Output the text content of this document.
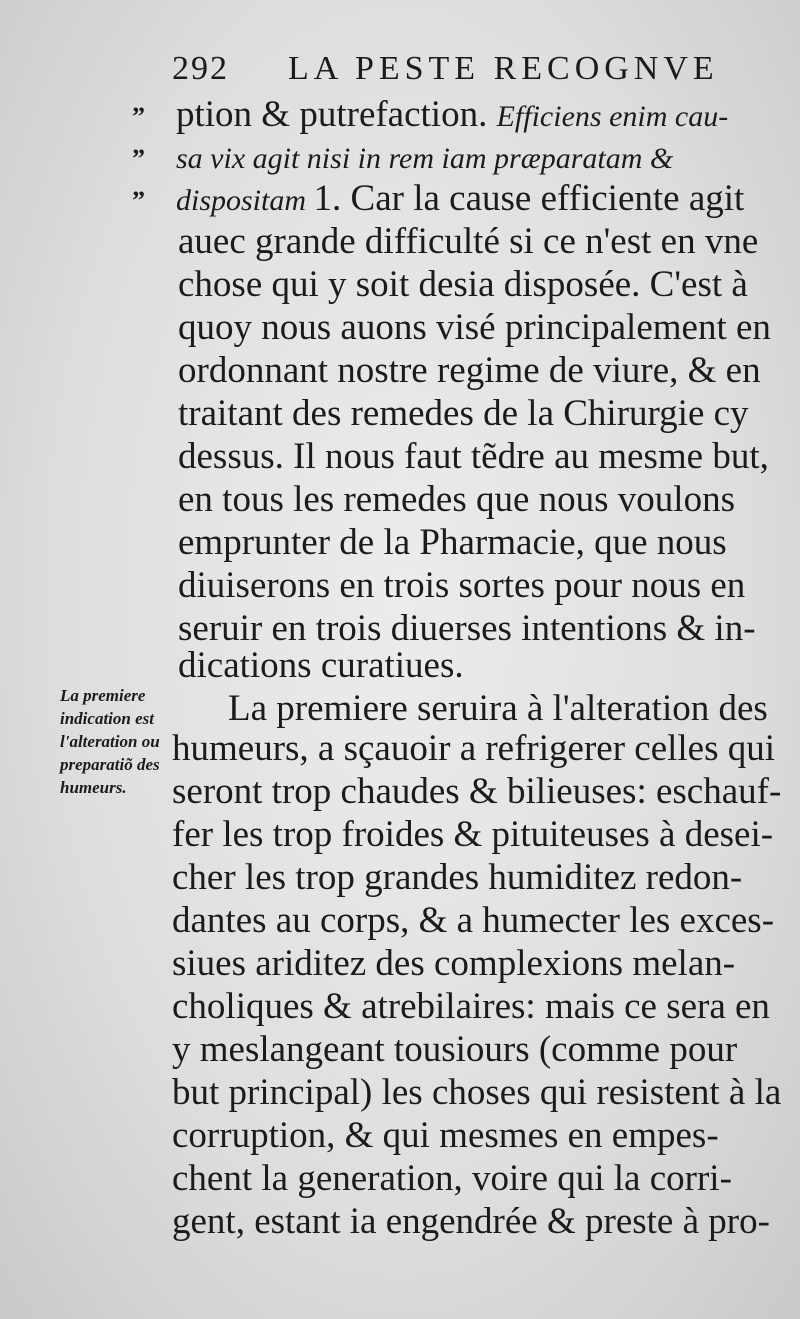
292 LA PESTE RECOGNVE
”
”
”
ption & putrefaction. Efficiens enim cau-
sa vix agit nisi in rem iam præparatam &
dispositam 1. Car la cause efficiente agit
auec grande difficulté si ce n'est en vne
chose qui y soit desia disposée. C'est à
quoy nous auons visé principalement en
ordonnant nostre regime de viure, & en
traitant des remedes de la Chirurgie cy
dessus. Il nous faut tẽdre au mesme but,
en tous les remedes que nous voulons
emprunter de la Pharmacie, que nous
diuiserons en trois sortes pour nous en
seruir en trois diuerses intentions & in-
dications curatiues.
La premiere seruira à l'alteration des
humeurs, a sçauoir a refrigerer celles qui
seront trop chaudes & bilieuses: eschauf-
fer les trop froides & pituiteuses à desei-
cher les trop grandes humiditez redon-
dantes au corps, & a humecter les exces-
siues ariditez des complexions melan-
choliques & atrebilaires: mais ce sera en
y meslangeant tousiours (comme pour
but principal) les choses qui resistent à la
corruption, & qui mesmes en empes-
chent la generation, voire qui la corri-
gent, estant ia engendrée & preste à pro-
La premiere
indication est
l'alteration ou
preparatiõ des
humeurs.
